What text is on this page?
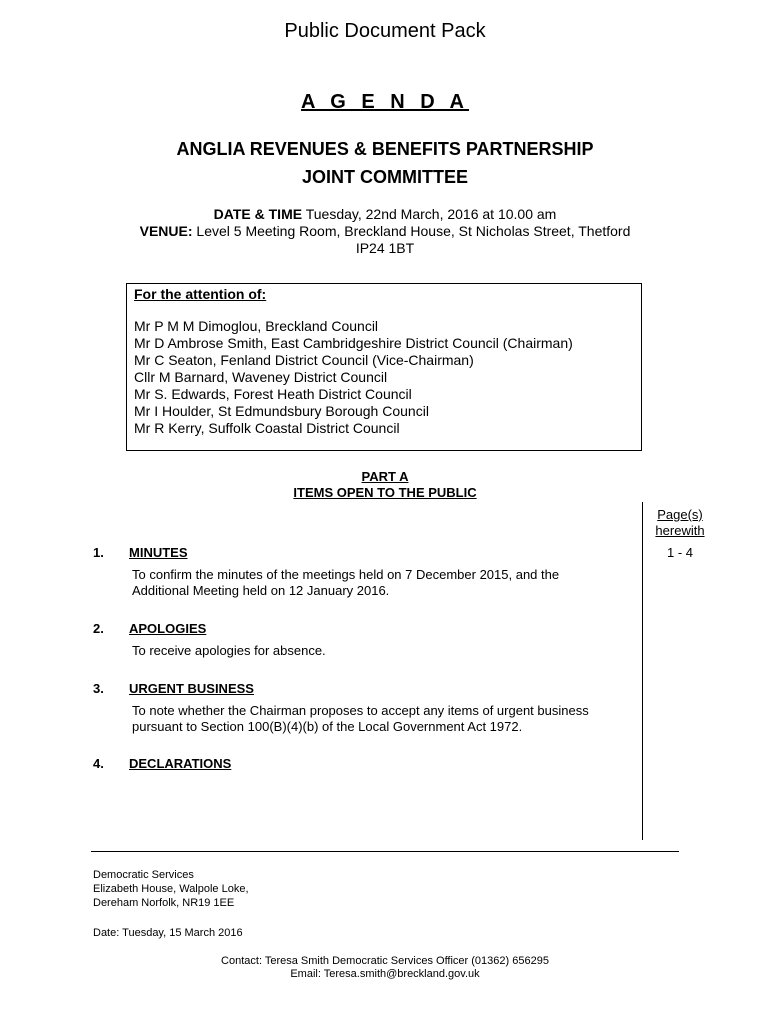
Public Document Pack
A G E N D A
ANGLIA REVENUES & BENEFITS PARTNERSHIP
JOINT COMMITTEE
DATE & TIME Tuesday, 22nd March, 2016 at 10.00 am
VENUE: Level 5 Meeting Room, Breckland House, St Nicholas Street, Thetford
IP24 1BT
For the attention of:
Mr P M M Dimoglou, Breckland Council
Mr D Ambrose Smith, East Cambridgeshire District Council (Chairman)
Mr C Seaton, Fenland District Council (Vice-Chairman)
Cllr M Barnard, Waveney District Council
Mr S. Edwards, Forest Heath District Council
Mr I Houlder, St Edmundsbury Borough Council
Mr R Kerry, Suffolk Coastal District Council
PART A
ITEMS OPEN TO THE PUBLIC
Page(s)
herewith
1. MINUTES	1 - 4
To confirm the minutes of the meetings held on 7 December 2015, and the
Additional Meeting held on 12 January 2016.
2. APOLOGIES
To receive apologies for absence.
3. URGENT BUSINESS
To note whether the Chairman proposes to accept any items of urgent business
pursuant to Section 100(B)(4)(b) of the Local Government Act 1972.
4. DECLARATIONS
Democratic Services
Elizabeth House, Walpole Loke,
Dereham Norfolk, NR19 1EE
Date: Tuesday, 15 March 2016
Contact: Teresa Smith Democratic Services Officer (01362) 656295
Email: Teresa.smith@breckland.gov.uk
